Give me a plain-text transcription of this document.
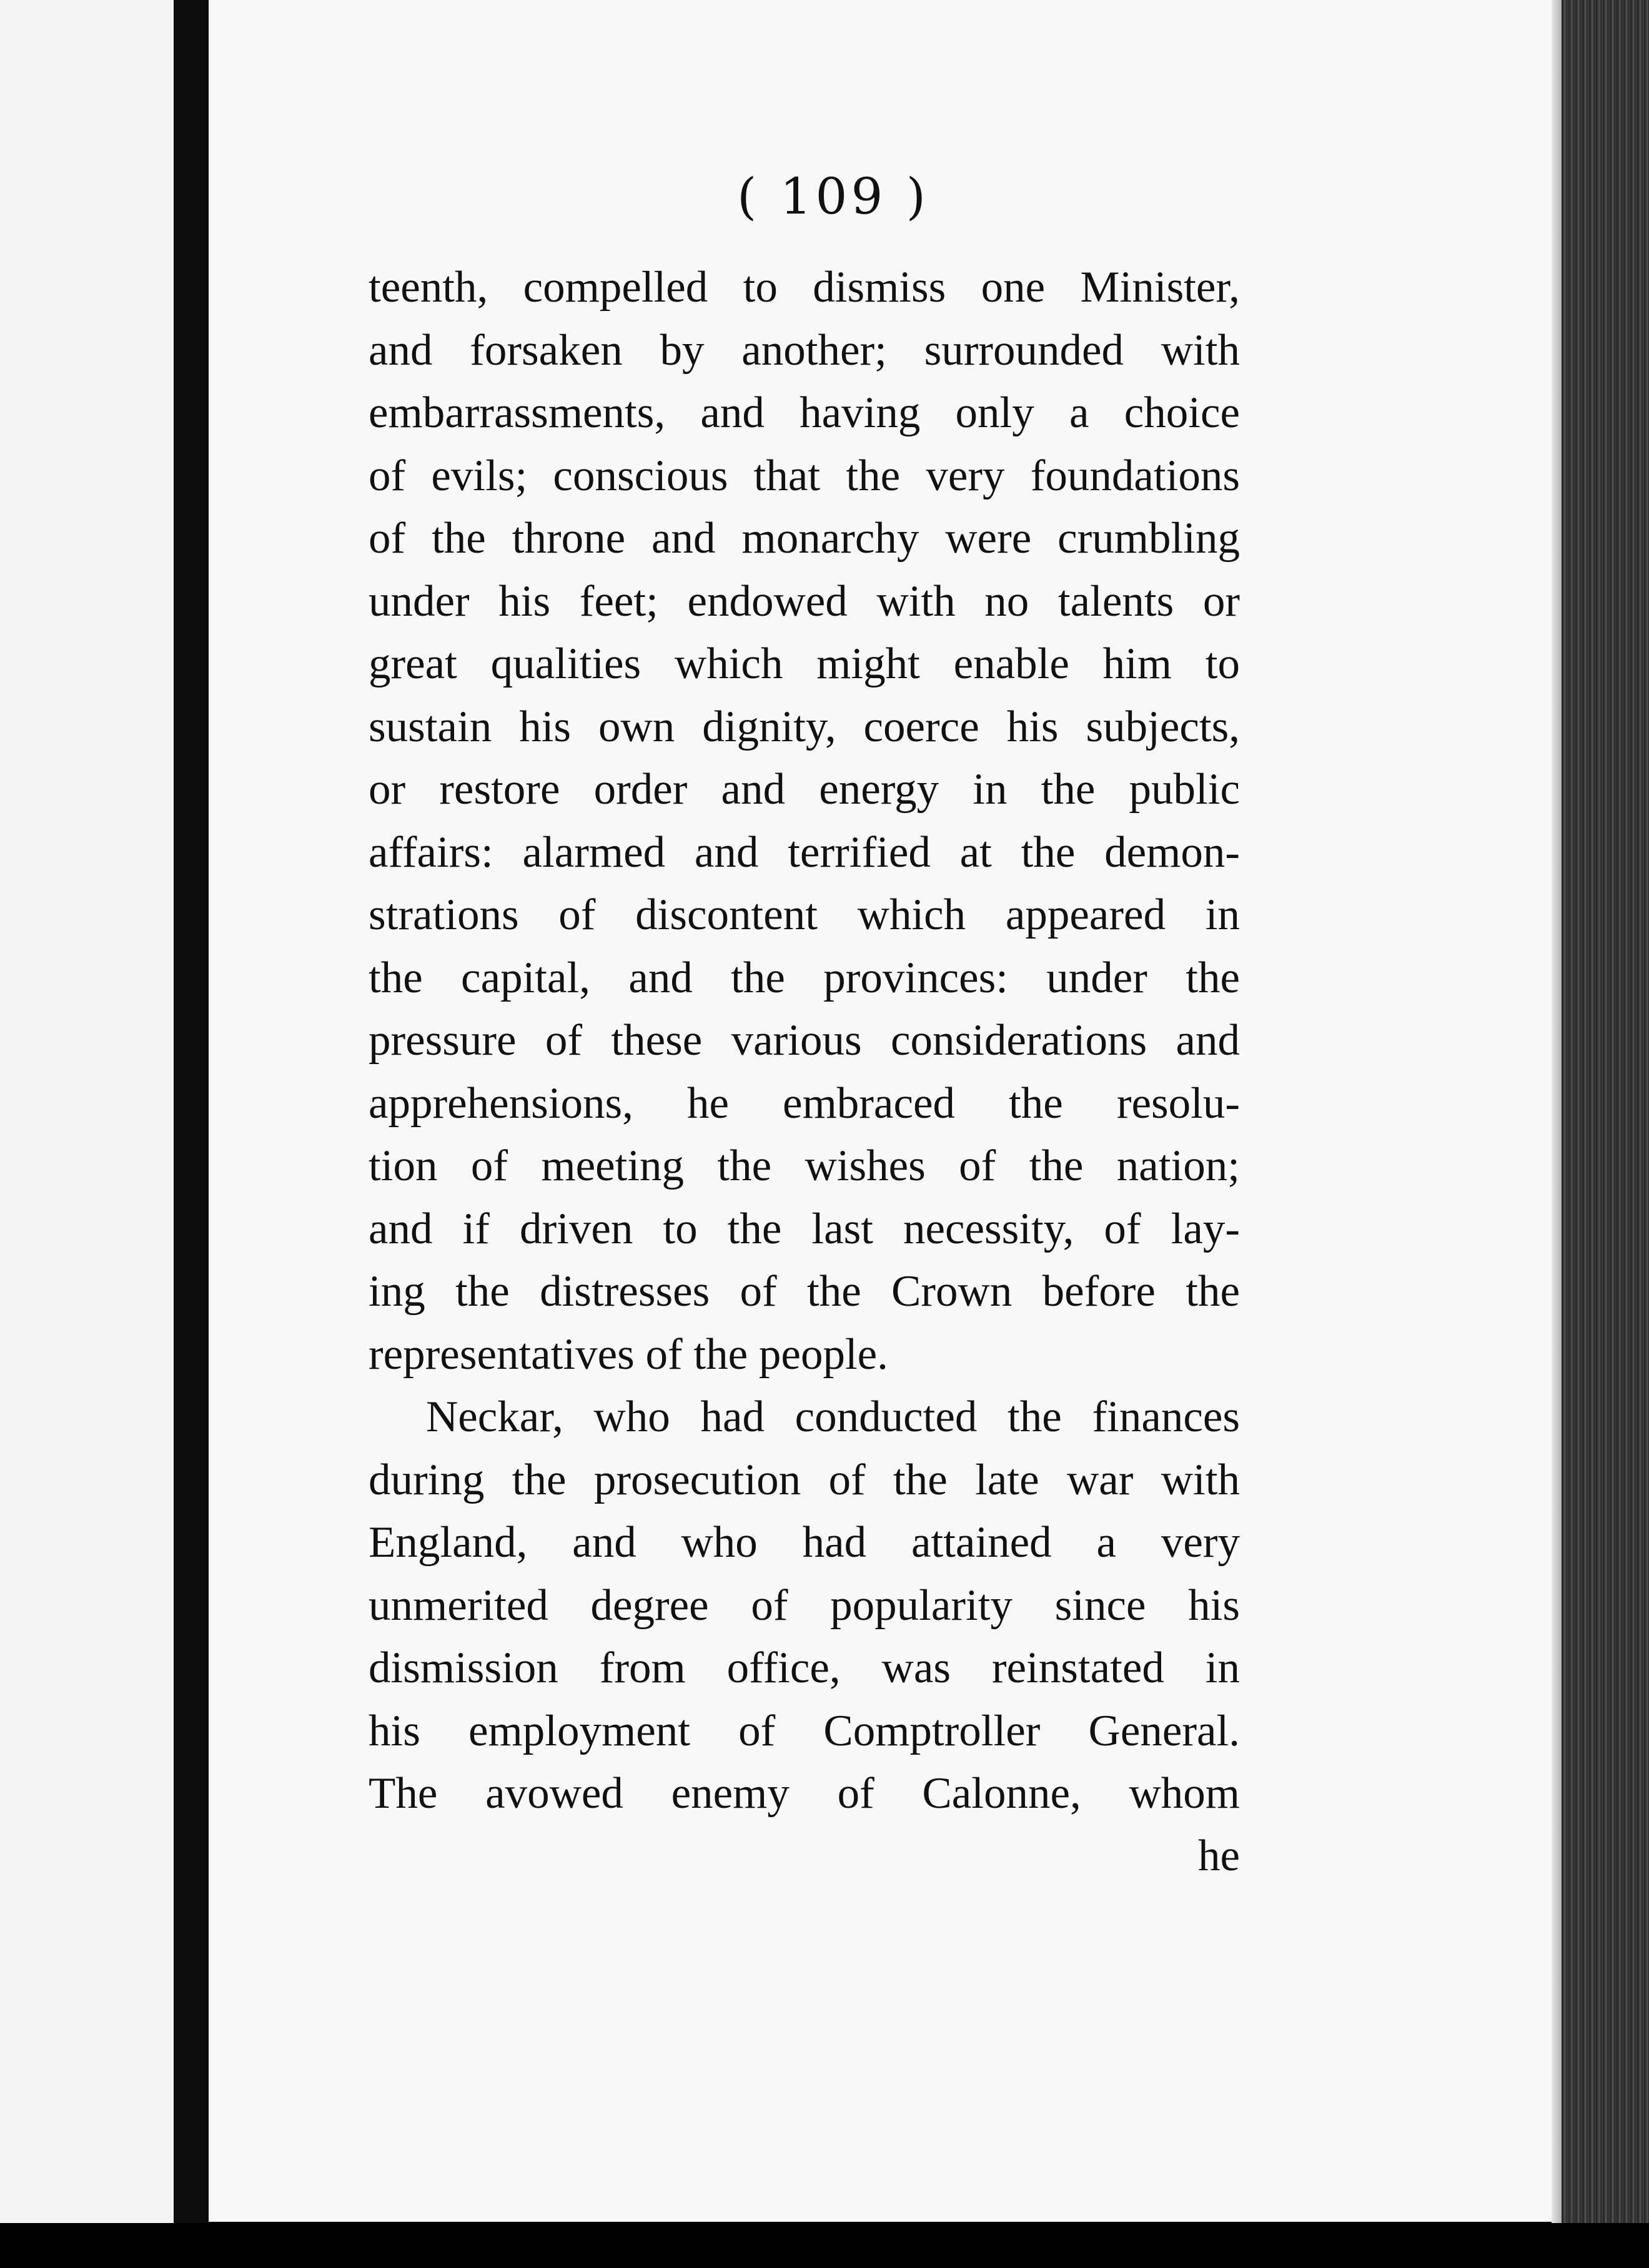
( 109 )
teenth, compelled to dismiss one Minister,
and forsaken by another; surrounded with
embarrassments, and having only a choice
of evils; conscious that the very foundations
of the throne and monarchy were crumbling
under his feet; endowed with no talents or
great qualities which might enable him to
sustain his own dignity, coerce his subjects,
or restore order and energy in the public
affairs: alarmed and terrified at the demon-
strations of discontent which appeared in
the capital, and the provinces: under the
pressure of these various considerations and
apprehensions, he embraced the resolu-
tion of meeting the wishes of the nation;
and if driven to the last necessity, of lay-
ing the distresses of the Crown before the
representatives of the people.
Neckar, who had conducted the finances
during the prosecution of the late war with
England, and who had attained a very
unmerited degree of popularity since his
dismission from office, was reinstated in
his employment of Comptroller General.
The avowed enemy of Calonne, whom
he
